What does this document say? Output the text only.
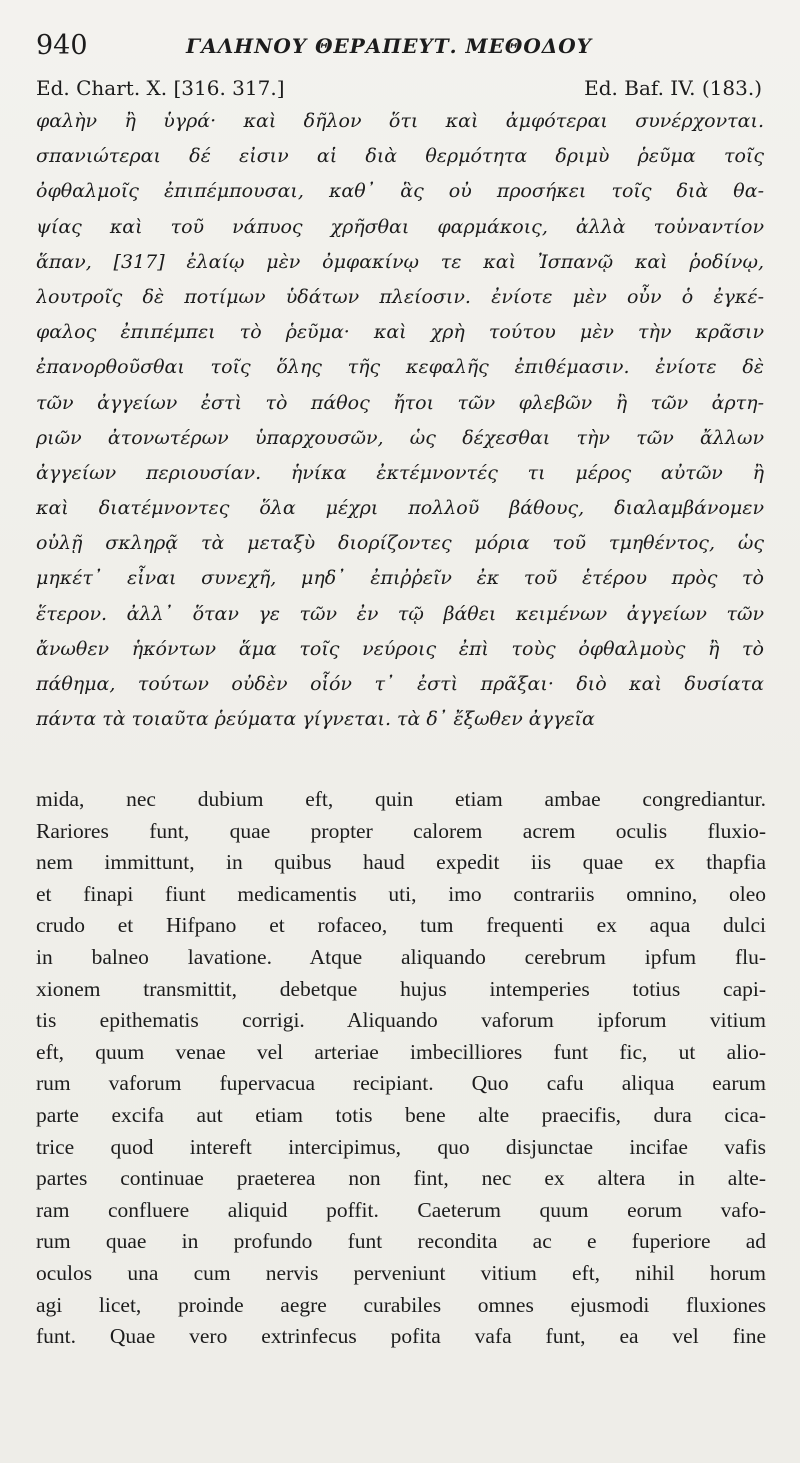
940	ΓΑΛΗΝΟΥ ΘΕΡΑΠΕΥΤ. ΜΕΘΟΔΟΥ
Ed. Chart. X. [316. 317.]	Ed. Baf. IV. (183.)
φαλὴν ἢ ὑγρά· καὶ δῆλον ὅτι καὶ ἀμφότεραι συνέρχονται.
σπανιώτεραι δέ εἰσιν αἱ διὰ θερμότητα δριμὺ ῥεῦμα τοῖς
ὀφθαλμοῖς ἐπιπέμπουσαι, καθ᾽ ἃς οὐ προσήκει τοῖς διὰ θα-
ψίας καὶ τοῦ νάπυος χρῆσθαι φαρμάκοις, ἀλλὰ τοὐναντίον
ἅπαν, [317] ἐλαίῳ μὲν ὀμφακίνῳ τε καὶ Ἰσπανῷ καὶ ῥοδίνῳ,
λουτροῖς δὲ ποτίμων ὑδάτων πλείοσιν. ἐνίοτε μὲν οὖν ὁ ἐγκέ-
φαλος ἐπιπέμπει τὸ ῥεῦμα· καὶ χρὴ τούτου μὲν τὴν κρᾶσιν
ἐπανορθοῦσθαι τοῖς ὅλης τῆς κεφαλῆς ἐπιθέμασιν. ἐνίοτε δὲ
τῶν ἀγγείων ἐστὶ τὸ πάθος ἤτοι τῶν φλεβῶν ἢ τῶν ἀρτη-
ριῶν ἀτονωτέρων ὑπαρχουσῶν, ὡς δέχεσθαι τὴν τῶν ἄλλων
ἀγγείων περιουσίαν. ἡνίκα ἐκτέμνοντές τι μέρος αὐτῶν ἢ
καὶ διατέμνοντες ὅλα μέχρι πολλοῦ βάθους, διαλαμβάνομεν
οὐλῇ σκληρᾷ τὰ μεταξὺ διορίζοντες μόρια τοῦ τμηθέντος, ὡς
μηκέτ᾽ εἶναι συνεχῆ, μηδ᾽ ἐπιῤῥεῖν ἐκ τοῦ ἑτέρου πρὸς τὸ
ἕτερον. ἀλλ᾽ ὅταν γε τῶν ἐν τῷ βάθει κειμένων ἀγγείων τῶν
ἄνωθεν ἡκόντων ἅμα τοῖς νεύροις ἐπὶ τοὺς ὀφθαλμοὺς ἢ τὸ
πάθημα, τούτων οὐδὲν οἷόν τ᾽ ἐστὶ πρᾶξαι· διὸ καὶ δυσίατα
πάντα τὰ τοιαῦτα ῥεύματα γίγνεται. τὰ δ᾽ ἔξωθεν ἀγγεῖα
mida, nec dubium eft, quin etiam ambae congrediantur.
Rariores funt, quae propter calorem acrem oculis fluxio-
nem immittunt, in quibus haud expedit iis quae ex thapfia
et finapi fiunt medicamentis uti, imo contrariis omnino, oleo
crudo et Hifpano et rofaceo, tum frequenti ex aqua dulci
in balneo lavatione. Atque aliquando cerebrum ipfum flu-
xionem transmittit, debetque hujus intemperies totius capi-
tis epithematis corrigi. Aliquando vaforum ipforum vitium
eft, quum venae vel arteriae imbecilliores funt fic, ut alio-
rum vaforum fupervacua recipiant. Quo cafu aliqua earum
parte excifa aut etiam totis bene alte praecifis, dura cica-
trice quod intereft intercipimus, quo disjunctae incifae vafis
partes continuae praeterea non fint, nec ex altera in alte-
ram confluere aliquid poffit. Caeterum quum eorum vafo-
rum quae in profundo funt recondita ac e fuperiore ad
oculos una cum nervis perveniunt vitium eft, nihil horum
agi licet, proinde aegre curabiles omnes ejusmodi fluxiones
funt. Quae vero extrinfecus pofita vafa funt, ea vel fine
